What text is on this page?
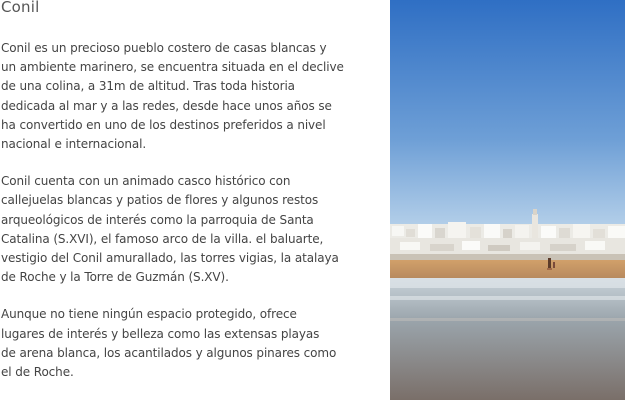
Conil

Conil es un precioso pueblo costero de casas blancas y
un ambiente marinero, se encuentra situada en el declive
de una colina, a 31m de altitud. Tras toda historia
dedicada al mar y a las redes, desde hace unos años se
ha convertido en uno de los destinos preferidos a nivel
nacional e internacional.

Conil cuenta con un animado casco histórico con
callejuelas blancas y patios de flores y algunos restos
arqueológicos de interés como la parroquia de Santa
Catalina (S.XVI), el famoso arco de la villa. el baluarte,
vestigio del Conil amurallado, las torres vigias, la atalaya
de Roche y la Torre de Guzmán (S.XV).

Aunque no tiene ningún espacio protegido, ofrece
lugares de interés y belleza como las extensas playas
de arena blanca, los acantilados y algunos pinares como
el de Roche.
